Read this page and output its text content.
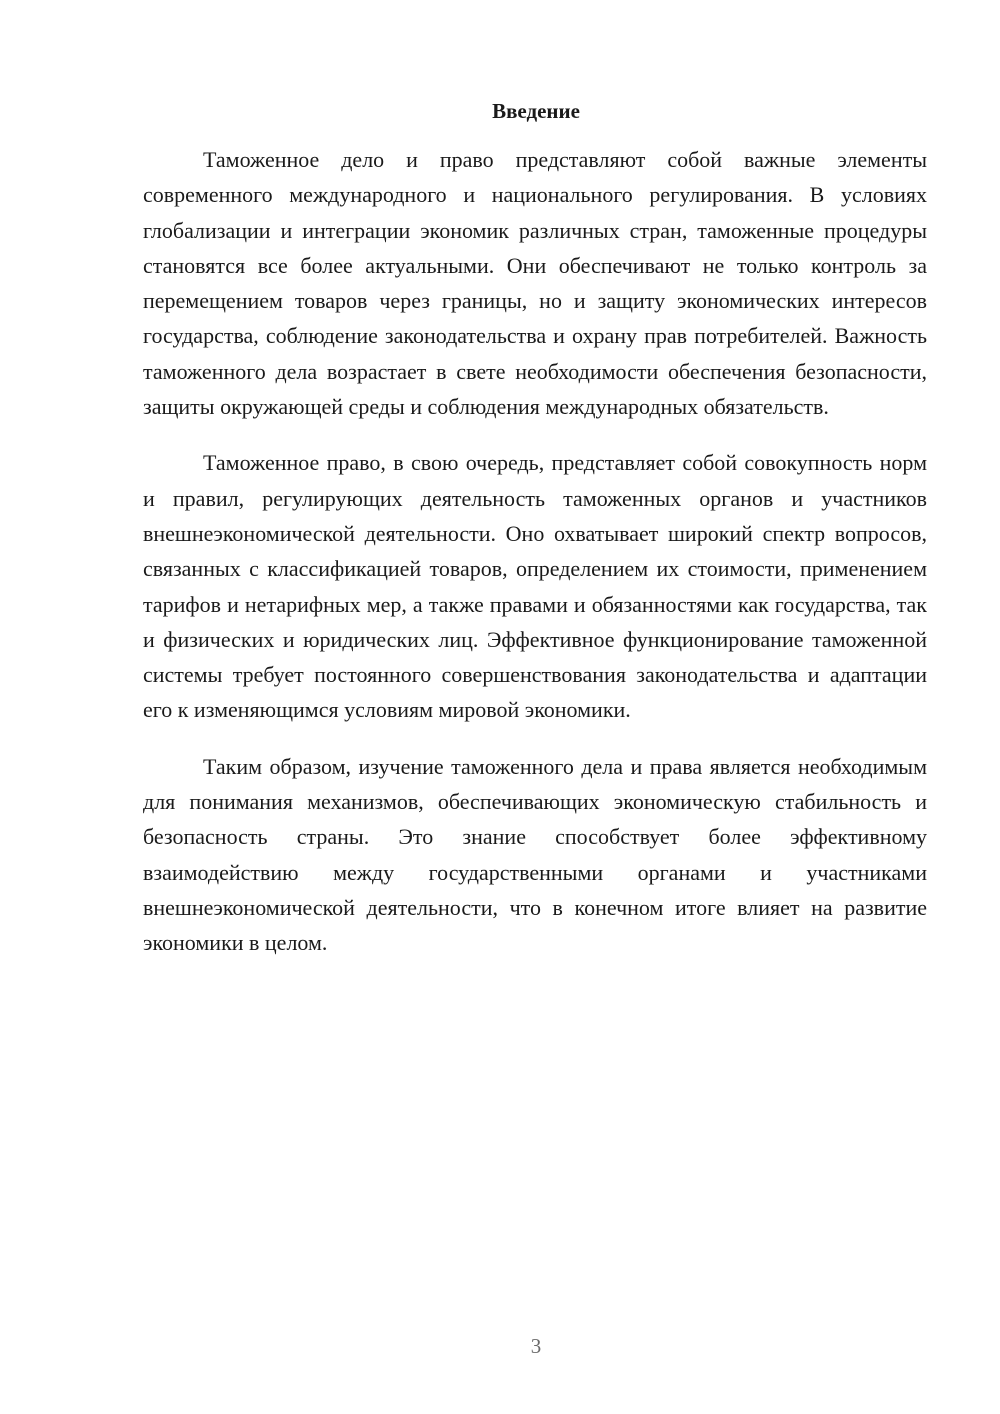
Введение

Таможенное дело и право представляют собой важные элементы современного международного и национального регулирования. В условиях глобализации и интеграции экономик различных стран, таможенные процедуры становятся все более актуальными. Они обеспечивают не только контроль за перемещением товаров через границы, но и защиту экономических интересов государства, соблюдение законодательства и охрану прав потребителей. Важность таможенного дела возрастает в свете необходимости обеспечения безопасности, защиты окружающей среды и соблюдения международных обязательств.

Таможенное право, в свою очередь, представляет собой совокупность норм и правил, регулирующих деятельность таможенных органов и участников внешнеэкономической деятельности. Оно охватывает широкий спектр вопросов, связанных с классификацией товаров, определением их стоимости, применением тарифов и нетарифных мер, а также правами и обязанностями как государства, так и физических и юридических лиц. Эффективное функционирование таможенной системы требует постоянного совершенствования законодательства и адаптации его к изменяющимся условиям мировой экономики.

Таким образом, изучение таможенного дела и права является необходимым для понимания механизмов, обеспечивающих экономическую стабильность и безопасность страны. Это знание способствует более эффективному взаимодействию между государственными органами и участниками внешнеэкономической деятельности, что в конечном итоге влияет на развитие экономики в целом.

3
